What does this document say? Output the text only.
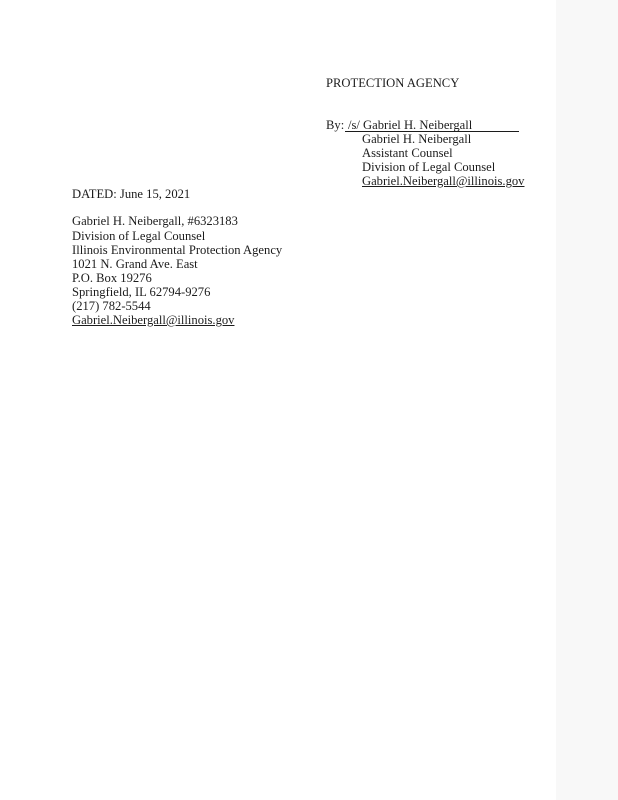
PROTECTION AGENCY
By: /s/ Gabriel H. Neibergall
Gabriel H. Neibergall
Assistant Counsel
Division of Legal Counsel
Gabriel.Neibergall@illinois.gov
DATED: June 15, 2021
Gabriel H. Neibergall, #6323183
Division of Legal Counsel
Illinois Environmental Protection Agency
1021 N. Grand Ave. East
P.O. Box 19276
Springfield, IL 62794-9276
(217) 782-5544
Gabriel.Neibergall@illinois.gov
